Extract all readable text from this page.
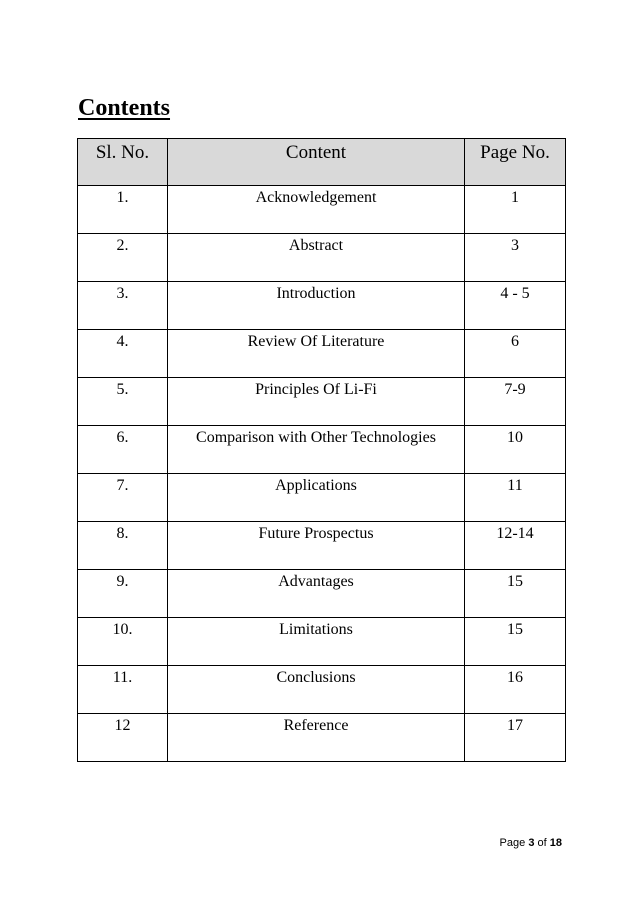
Contents
Sl. No.	Content	Page No.
1.	Acknowledgement	1
2.	Abstract	3
3.	Introduction	4 - 5
4.	Review Of Literature	6
5.	Principles Of Li-Fi	7-9
6.	Comparison with Other Technologies	10
7.	Applications	11
8.	Future Prospectus	12-14
9.	Advantages	15
10.	Limitations	15
11.	Conclusions	16
12	Reference	17
Page 3 of 18
